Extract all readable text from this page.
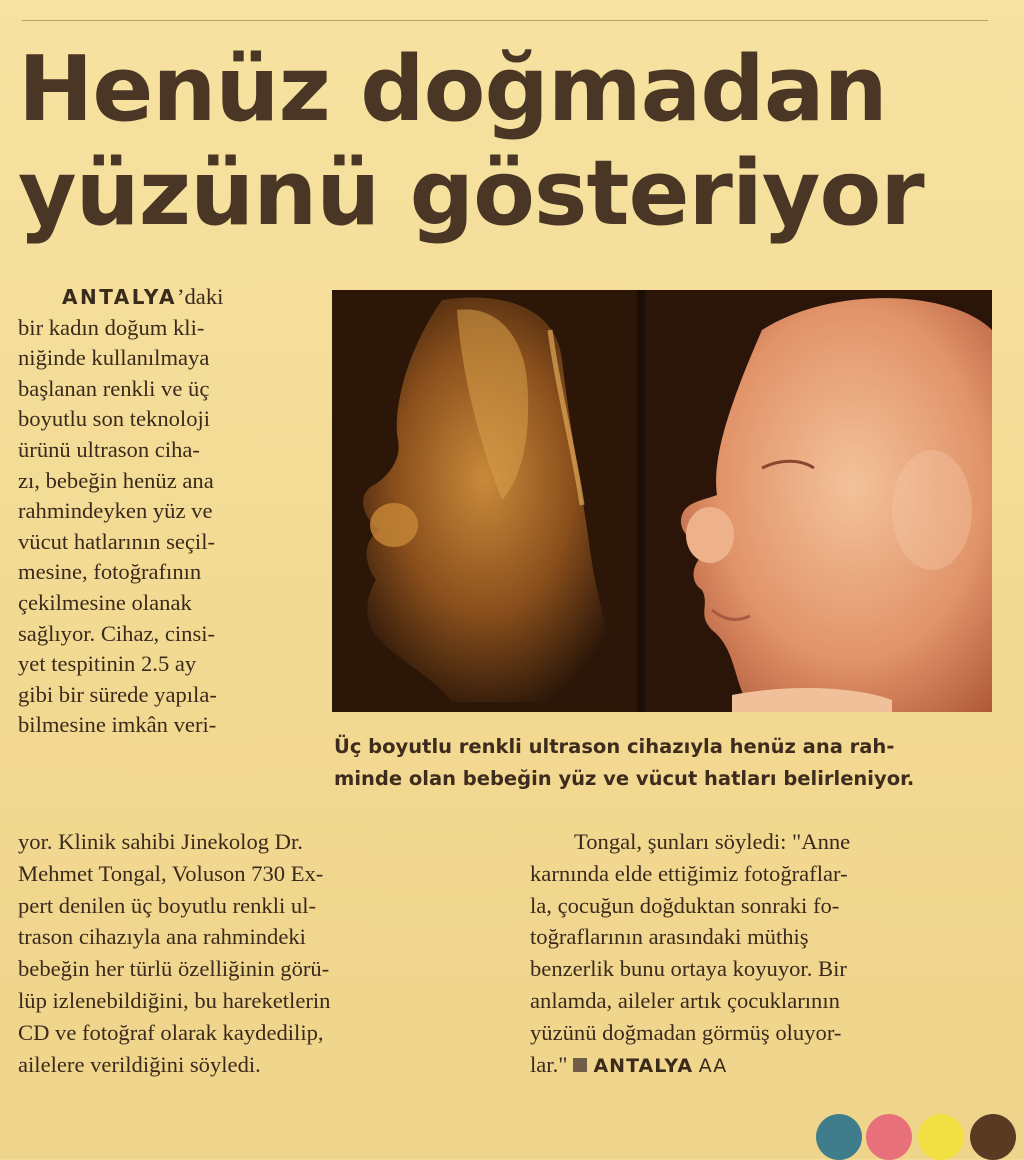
Henüz doğmadan
yüzünü gösteriyor

ANTALYA’daki
bir kadın doğum kli-
niğinde kullanılmaya
başlanan renkli ve üç
boyutlu son teknoloji
ürünü ultrason ciha-
zı, bebeğin henüz ana
rahmindeyken yüz ve
vücut hatlarının seçil-
mesine, fotoğrafının
çekilmesine olanak
sağlıyor. Cihaz, cinsi-
yet tespitinin 2.5 ay
gibi bir sürede yapıla-
bilmesine imkân veri-

Üç boyutlu renkli ultrason cihazıyla henüz ana rah-
minde olan bebeğin yüz ve vücut hatları belirleniyor.

yor. Klinik sahibi Jinekolog Dr.
Mehmet Tongal, Voluson 730 Ex-
pert denilen üç boyutlu renkli ul-
trason cihazıyla ana rahmindeki
bebeğin her türlü özelliğinin görü-
lüp izlenebildiğini, bu hareketlerin
CD ve fotoğraf olarak kaydedilip,
ailelere verildiğini söyledi.

Tongal, şunları söyledi: "Anne
karnında elde ettiğimiz fotoğraflar-
la, çocuğun doğduktan sonraki fo-
toğraflarının arasındaki müthiş
benzerlik bunu ortaya koyuyor. Bir
anlamda, aileler artık çocuklarının
yüzünü doğmadan görmüş oluyor-
lar." ANTALYA AA
